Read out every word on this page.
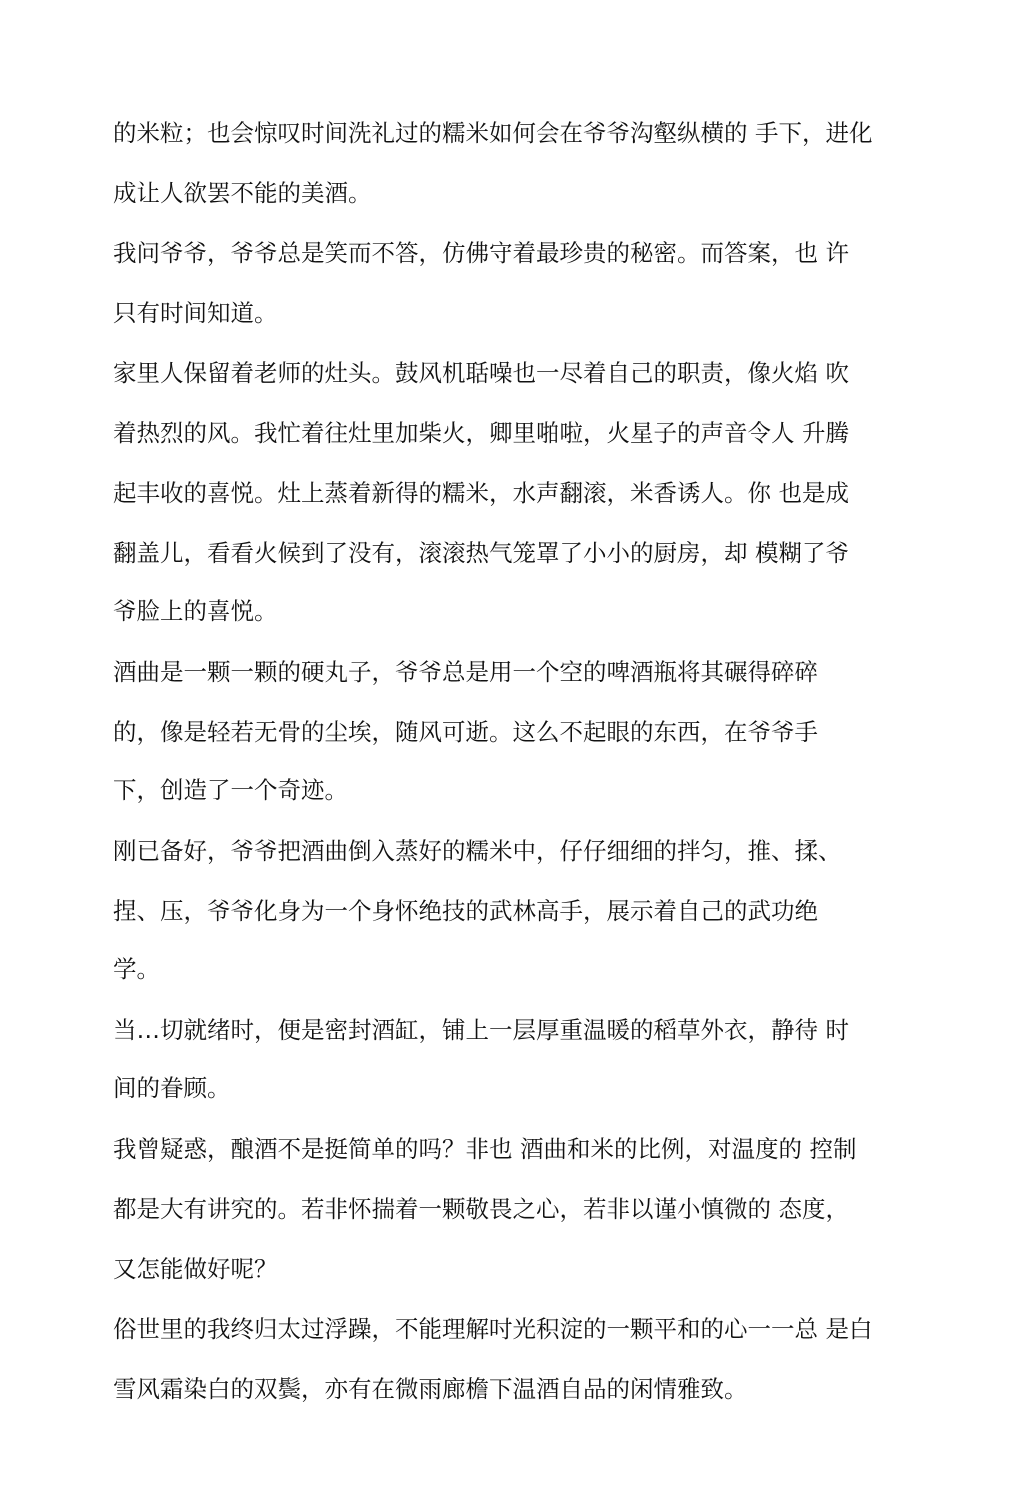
的米粒；也会惊叹时间洗礼过的糯米如何会在爷爷沟壑纵横的 手下，进化

成让人欲罢不能的美酒。

我问爷爷，爷爷总是笑而不答，仿佛守着最珍贵的秘密。而答案，也 许

只有时间知道。

家里人保留着老师的灶头。鼓风机聒噪也一尽着自己的职责，像火焰 吹

着热烈的风。我忙着往灶里加柴火，卿里啪啦，火星子的声音令人 升腾

起丰收的喜悦。灶上蒸着新得的糯米，水声翻滚，米香诱人。你 也是成

翻盖儿，看看火候到了没有，滚滚热气笼罩了小小的厨房，却 模糊了爷

爷脸上的喜悦。

酒曲是一颗一颗的硬丸子，爷爷总是用一个空的啤酒瓶将其碾得碎碎

的，像是轻若无骨的尘埃，随风可逝。这么不起眼的东西，在爷爷手

下，创造了一个奇迹。

刚已备好，爷爷把酒曲倒入蒸好的糯米中，仔仔细细的拌匀，推、揉、

捏、压，爷爷化身为一个身怀绝技的武林高手，展示着自己的武功绝

学。

当…切就绪时，便是密封酒缸，铺上一层厚重温暖的稻草外衣，静待 时

间的眷顾。

我曾疑惑，酿酒不是挺简单的吗？非也 酒曲和米的比例，对温度的 控制

都是大有讲究的。若非怀揣着一颗敬畏之心，若非以谨小慎微的 态度，

又怎能做好呢？

俗世里的我终归太过浮躁，不能理解吋光积淀的一颗平和的心一一总 是白

雪风霜染白的双鬓，亦有在微雨廊檐下温酒自品的闲情雅致。
